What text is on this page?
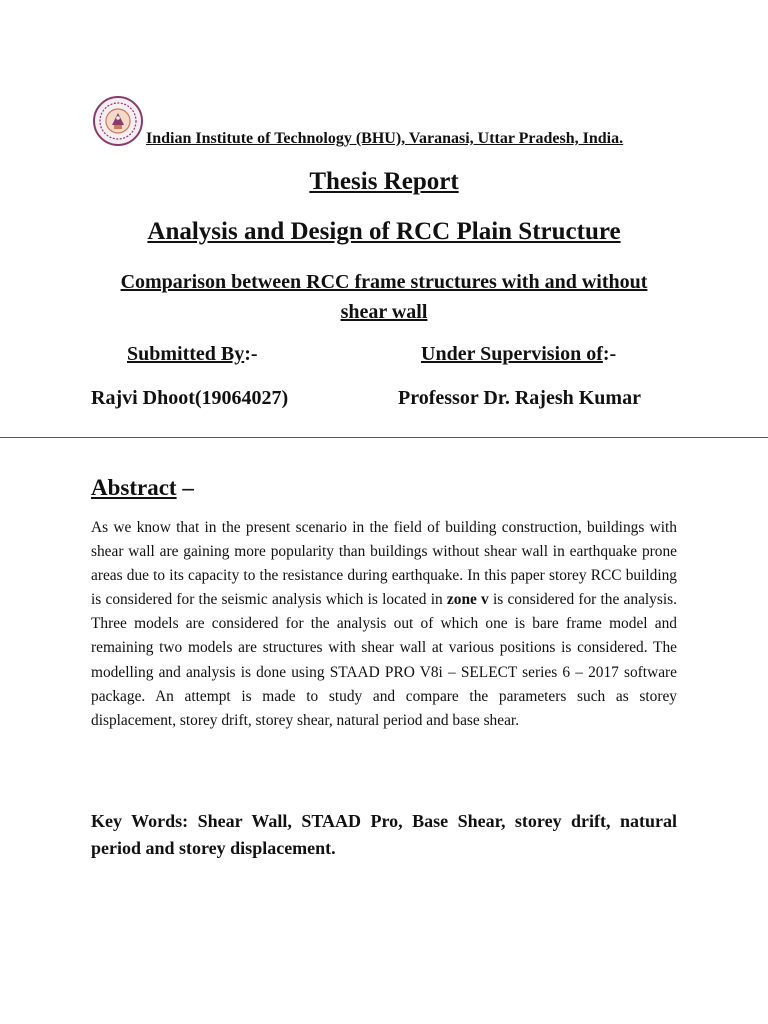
Indian Institute of Technology (BHU), Varanasi, Uttar Pradesh, India.
Thesis Report
Analysis and Design of RCC Plain Structure
Comparison between RCC frame structures with and without shear wall
Submitted By:-	Under Supervision of:-
Rajvi Dhoot(19064027)	Professor Dr. Rajesh Kumar
Abstract –
As we know that in the present scenario in the field of building construction, buildings with shear wall are gaining more popularity than buildings without shear wall in earthquake prone areas due to its capacity to the resistance during earthquake. In this paper storey RCC building is considered for the seismic analysis which is located in zone v is considered for the analysis. Three models are considered for the analysis out of which one is bare frame model and remaining two models are structures with shear wall at various positions is considered. The modelling and analysis is done using STAAD PRO V8i – SELECT series 6 – 2017 software package. An attempt is made to study and compare the parameters such as storey displacement, storey drift, storey shear, natural period and base shear.
Key Words: Shear Wall, STAAD Pro, Base Shear, storey drift, natural period and storey displacement.
